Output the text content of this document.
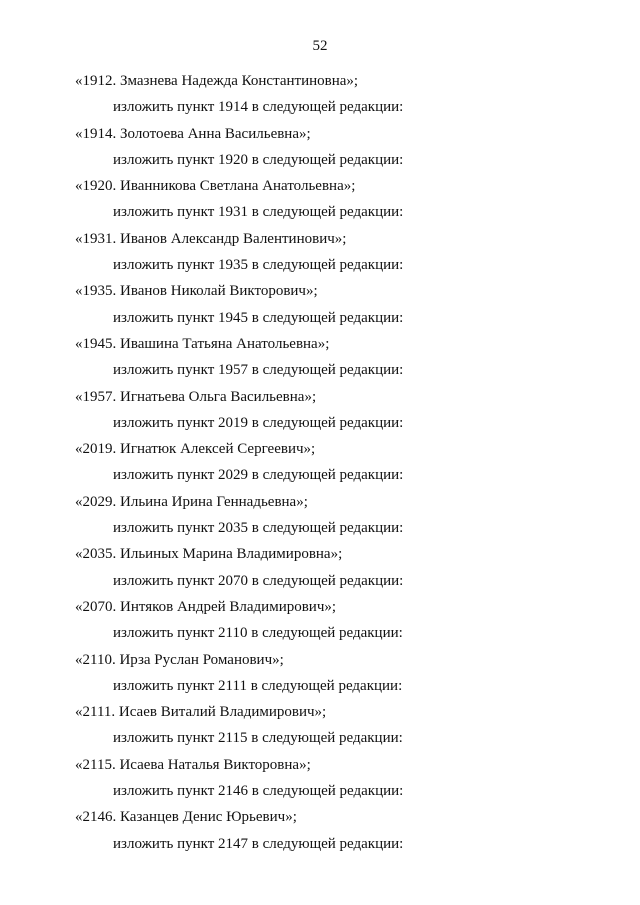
52
«1912. Змазнева Надежда Константиновна»;
изложить пункт 1914 в следующей редакции:
«1914. Золотоева Анна Васильевна»;
изложить пункт 1920 в следующей редакции:
«1920. Иванникова Светлана Анатольевна»;
изложить пункт 1931 в следующей редакции:
«1931. Иванов Александр Валентинович»;
изложить пункт 1935 в следующей редакции:
«1935. Иванов Николай Викторович»;
изложить пункт 1945 в следующей редакции:
«1945. Ивашина Татьяна Анатольевна»;
изложить пункт 1957 в следующей редакции:
«1957. Игнатьева Ольга Васильевна»;
изложить пункт 2019 в следующей редакции:
«2019. Игнатюк Алексей Сергеевич»;
изложить пункт 2029 в следующей редакции:
«2029. Ильина Ирина Геннадьевна»;
изложить пункт 2035 в следующей редакции:
«2035. Ильиных Марина Владимировна»;
изложить пункт 2070 в следующей редакции:
«2070. Интяков Андрей Владимирович»;
изложить пункт 2110 в следующей редакции:
«2110. Ирза Руслан Романович»;
изложить пункт 2111 в следующей редакции:
«2111. Исаев Виталий Владимирович»;
изложить пункт 2115 в следующей редакции:
«2115. Исаева Наталья Викторовна»;
изложить пункт 2146 в следующей редакции:
«2146. Казанцев Денис Юрьевич»;
изложить пункт 2147 в следующей редакции:
